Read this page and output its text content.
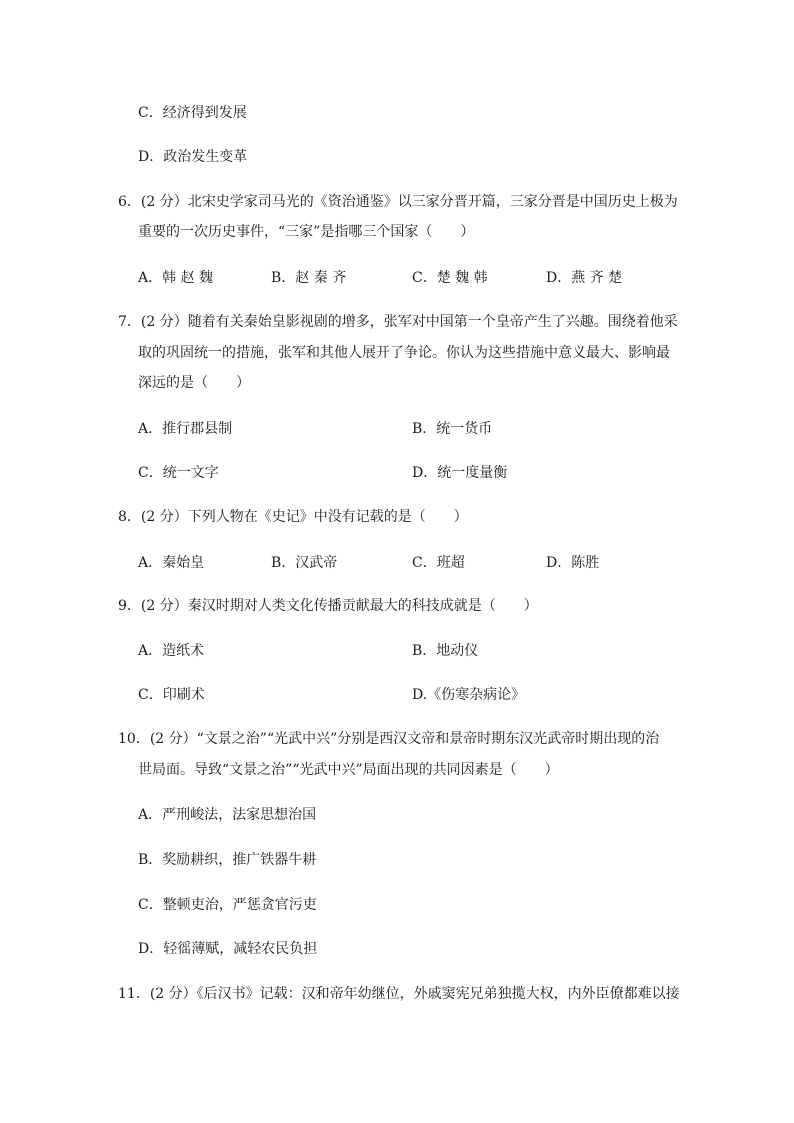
C．经济得到发展
D．政治发生变革
6．(2 分）北宋史学家司马光的《资治通鉴》以三家分晋开篇，三家分晋是中国历史上极为
重要的一次历史事件，“三家”是指哪三个国家（　　）
A．韩 赵 魏	B．赵 秦 齐	C．楚 魏 韩	D．燕 齐 楚
7．(2 分）随着有关秦始皇影视剧的增多，张军对中国第一个皇帝产生了兴趣。围绕着他采
取的巩固统一的措施，张军和其他人展开了争论。你认为这些措施中意义最大、影响最
深远的是（　　）
A．推行郡县制	B．统一货币
C．统一文字	D．统一度量衡
8．(2 分）下列人物在《史记》中没有记载的是（　　）
A．秦始皇	B．汉武帝	C．班超	D．陈胜
9．(2 分）秦汉时期对人类文化传播贡献最大的科技成就是（　　）
A．造纸术	B．地动仪
C．印刷术	D.《伤寒杂病论》
10．(2 分）“文景之治”“光武中兴”分别是西汉文帝和景帝时期东汉光武帝时期出现的治
世局面。导致“文景之治”“光武中兴”局面出现的共同因素是（　　）
A．严刑峻法，法家思想治国
B．奖励耕织，推广铁器牛耕
C．整顿吏治，严惩贪官污吏
D．轻徭薄赋，减轻农民负担
11．(2 分）《后汉书》记载：汉和帝年幼继位，外戚窦宪兄弟独揽大权，内外臣僚都难以接
